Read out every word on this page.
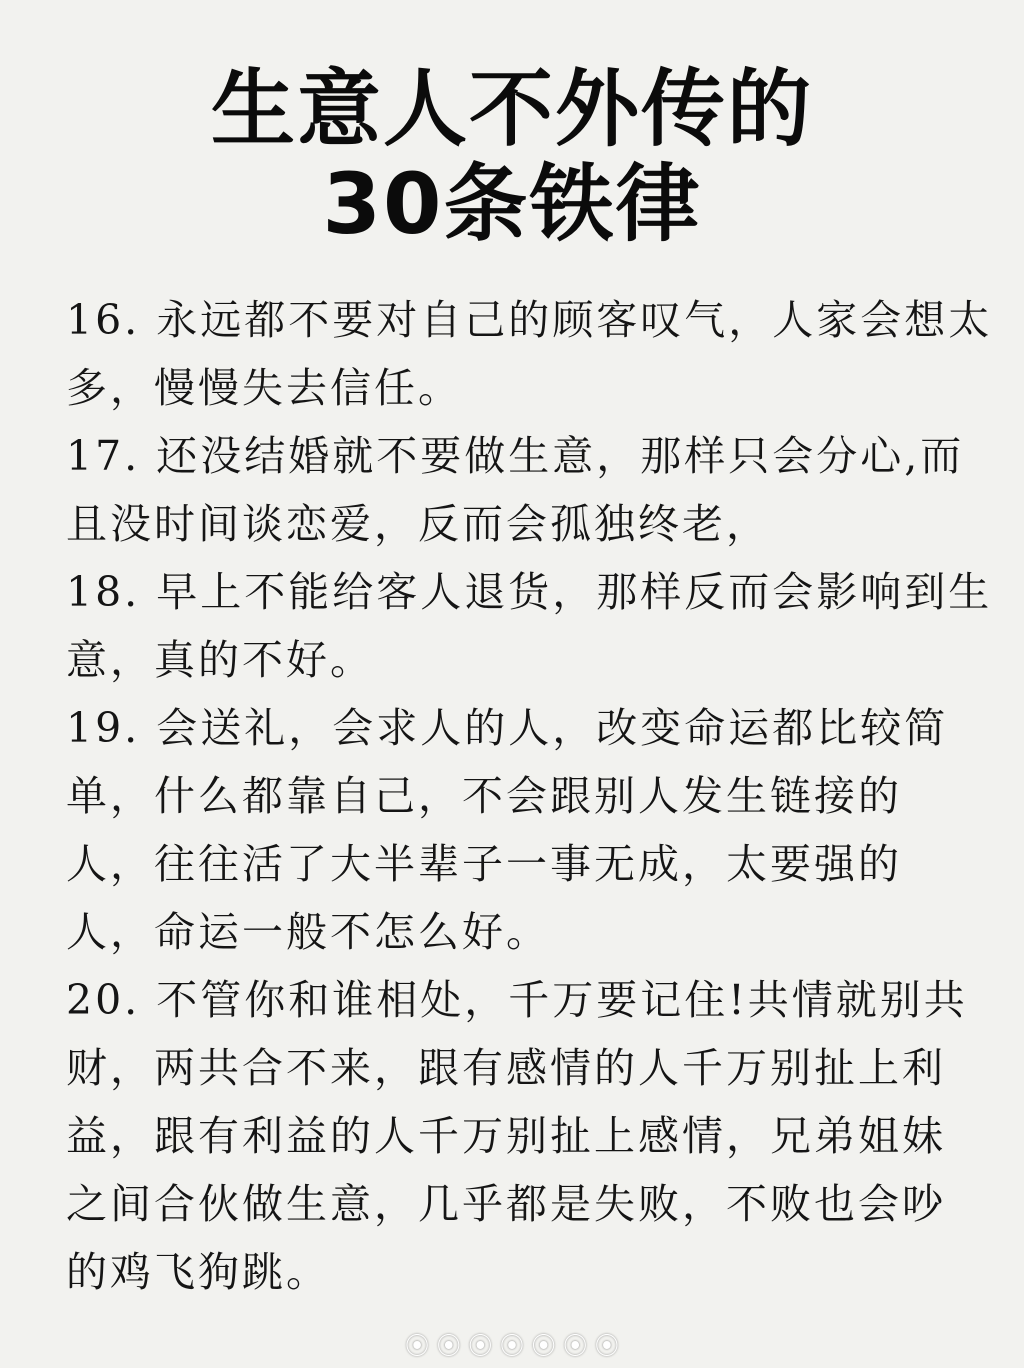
生意人不外传的
30条铁律
16. 永远都不要对自己的顾客叹气，人家会想太
多，慢慢失去信任。
17. 还没结婚就不要做生意，那样只会分心,而
且没时间谈恋爱，反而会孤独终老，
18. 早上不能给客人退货，那样反而会影响到生
意，真的不好。
19. 会送礼，会求人的人，改变命运都比较简
单，什么都靠自己，不会跟别人发生链接的
人，往往活了大半辈子一事无成，太要强的
人，命运一般不怎么好。
20. 不管你和谁相处，千万要记住!共情就别共
财，两共合不来，跟有感情的人千万别扯上利
益，跟有利益的人千万别扯上感情，兄弟姐妹
之间合伙做生意，几乎都是失败，不败也会吵
的鸡飞狗跳。
⦿ ⦿ ⦿ ⦿ ⦿ ⦿ ⦿
